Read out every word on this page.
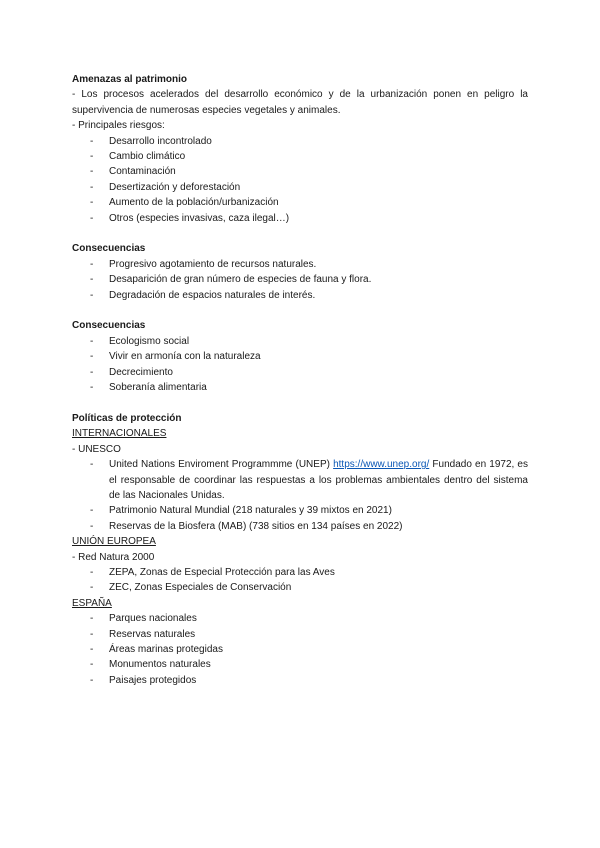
Amenazas al patrimonio
- Los procesos acelerados del desarrollo económico y de la urbanización ponen en peligro la supervivencia de numerosas especies vegetales y animales.
- Principales riesgos:
- Desarrollo incontrolado
- Cambio climático
- Contaminación
- Desertización y deforestación
- Aumento de la población/urbanización
- Otros (especies invasivas, caza ilegal…)
Consecuencias
- Progresivo agotamiento de recursos naturales.
- Desaparición de gran número de especies de fauna y flora.
- Degradación de espacios naturales de interés.
Consecuencias
- Ecologismo social
- Vivir en armonía con la naturaleza
- Decrecimiento
- Soberanía alimentaria
Políticas de protección
INTERNACIONALES
- UNESCO
- United Nations Enviroment Programmme (UNEP) https://www.unep.org/ Fundado en 1972, es el responsable de coordinar las respuestas a los problemas ambientales dentro del sistema de las Nacionales Unidas.
- Patrimonio Natural Mundial (218 naturales y 39 mixtos en 2021)
- Reservas de la Biosfera (MAB) (738 sitios en 134 países en 2022)
UNIÓN EUROPEA
- Red Natura 2000
- ZEPA, Zonas de Especial Protección para las Aves
- ZEC, Zonas Especiales de Conservación
ESPAÑA
- Parques nacionales
- Reservas naturales
- Áreas marinas protegidas
- Monumentos naturales
- Paisajes protegidos
